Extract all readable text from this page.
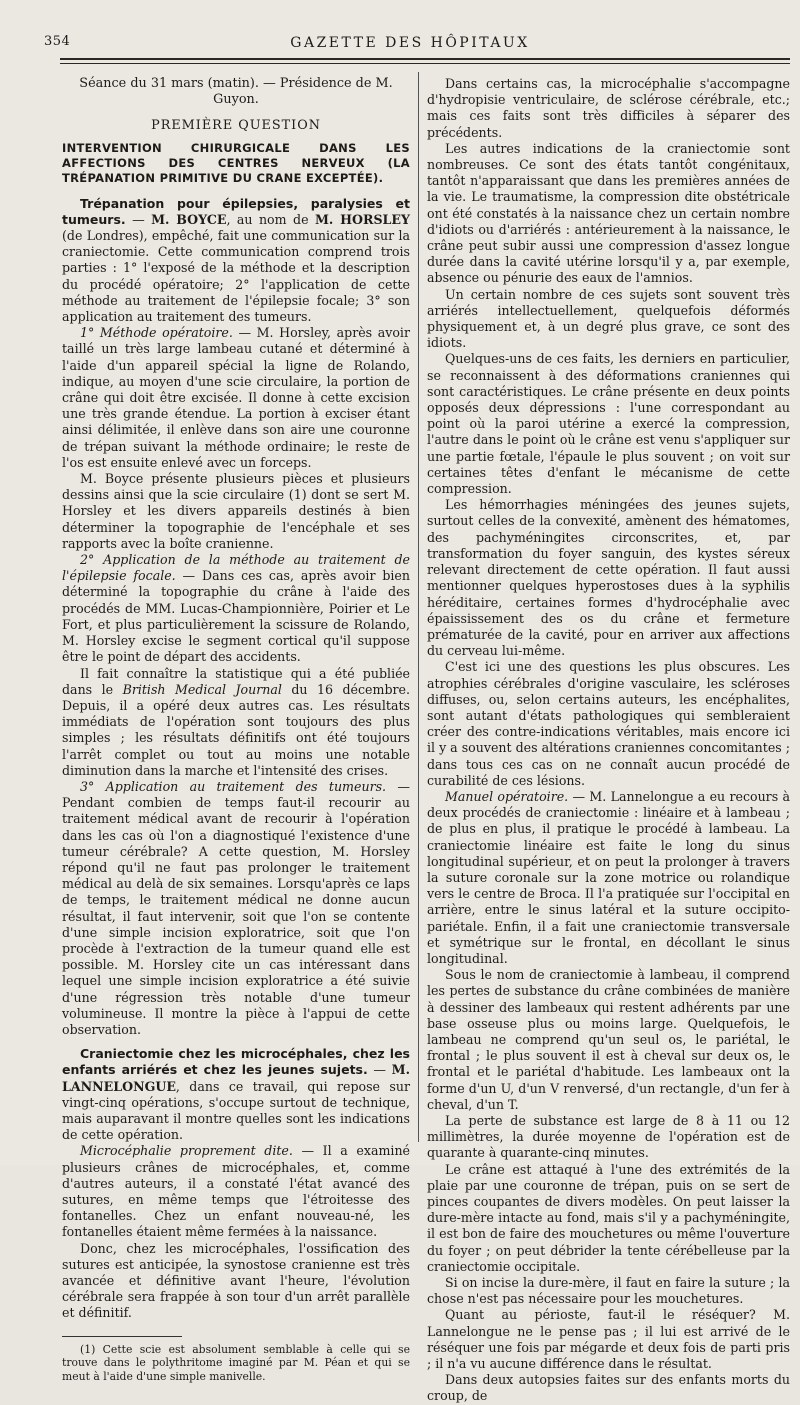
354	GAZETTE DES HÔPITAUX

Séance du 31 mars (matin). — Présidence de M. Guyon.

PREMIÈRE QUESTION

INTERVENTION CHIRURGICALE DANS LES AFFECTIONS DES CENTRES NERVEUX (LA TRÉPANATION PRIMITIVE DU CRANE EXCEPTÉE).

Trépanation pour épilepsies, paralysies et tumeurs. — M. BOYCE, au nom de M. HORSLEY (de Londres), empêché, fait une communication sur la craniectomie. Cette communication comprend trois parties : 1° l'exposé de la méthode et la description du procédé opératoire; 2° l'application de cette méthode au traitement de l'épilepsie focale; 3° son application au traitement des tumeurs.

1° Méthode opératoire. — M. Horsley, après avoir taillé un très large lambeau cutané et déterminé à l'aide d'un appareil spécial la ligne de Rolando, indique, au moyen d'une scie circulaire, la portion de crâne qui doit être excisée. Il donne à cette excision une très grande étendue. La portion à exciser étant ainsi délimitée, il enlève dans son aire une couronne de trépan suivant la méthode ordinaire; le reste de l'os est ensuite enlevé avec un forceps.

M. Boyce présente plusieurs pièces et plusieurs dessins ainsi que la scie circulaire (1) dont se sert M. Horsley et les divers appareils destinés à bien déterminer la topographie de l'encéphale et ses rapports avec la boîte cranienne.

2° Application de la méthode au traitement de l'épilepsie focale. — Dans ces cas, après avoir bien déterminé la topographie du crâne à l'aide des procédés de MM. Lucas-Championnière, Poirier et Le Fort, et plus particulièrement la scissure de Rolando, M. Horsley excise le segment cortical qu'il suppose être le point de départ des accidents.

Il fait connaître la statistique qui a été publiée dans le British Medical Journal du 16 décembre. Depuis, il a opéré deux autres cas. Les résultats immédiats de l'opération sont toujours des plus simples ; les résultats définitifs ont été toujours l'arrêt complet ou tout au moins une notable diminution dans la marche et l'intensité des crises.

3° Application au traitement des tumeurs. — Pendant combien de temps faut-il recourir au traitement médical avant de recourir à l'opération dans les cas où l'on a diagnostiqué l'existence d'une tumeur cérébrale? A cette question, M. Horsley répond qu'il ne faut pas prolonger le traitement médical au delà de six semaines. Lorsqu'après ce laps de temps, le traitement médical ne donne aucun résultat, il faut intervenir, soit que l'on se contente d'une simple incision exploratrice, soit que l'on procède à l'extraction de la tumeur quand elle est possible. M. Horsley cite un cas intéressant dans lequel une simple incision exploratrice a été suivie d'une régression très notable d'une tumeur volumineuse. Il montre la pièce à l'appui de cette observation.

Craniectomie chez les microcéphales, chez les enfants arriérés et chez les jeunes sujets. — M. LANNELONGUE, dans ce travail, qui repose sur vingt-cinq opérations, s'occupe surtout de technique, mais auparavant il montre quelles sont les indications de cette opération.

Microcéphalie proprement dite. — Il a examiné plusieurs crânes de microcéphales, et, comme d'autres auteurs, il a constaté l'état avancé des sutures, en même temps que l'étroitesse des fontanelles. Chez un enfant nouveau-né, les fontanelles étaient même fermées à la naissance.

Donc, chez les microcéphales, l'ossification des sutures est anticipée, la synostose cranienne est très avancée et définitive avant l'heure, l'évolution cérébrale sera frappée à son tour d'un arrêt parallèle et définitif.

(1) Cette scie est absolument semblable à celle qui se trouve dans le polythritome imaginé par M. Péan et qui se meut à l'aide d'une simple manivelle.

Dans certains cas, la microcéphalie s'accompagne d'hydropisie ventriculaire, de sclérose cérébrale, etc.; mais ces faits sont très difficiles à séparer des précédents.

Les autres indications de la craniectomie sont nombreuses. Ce sont des états tantôt congénitaux, tantôt n'apparaissant que dans les premières années de la vie. Le traumatisme, la compression dite obstétricale ont été constatés à la naissance chez un certain nombre d'idiots ou d'arriérés : antérieurement à la naissance, le crâne peut subir aussi une compression d'assez longue durée dans la cavité utérine lorsqu'il y a, par exemple, absence ou pénurie des eaux de l'amnios.

Un certain nombre de ces sujets sont souvent très arriérés intellectuellement, quelquefois déformés physiquement et, à un degré plus grave, ce sont des idiots.

Quelques-uns de ces faits, les derniers en particulier, se reconnaissent à des déformations craniennes qui sont caractéristiques. Le crâne présente en deux points opposés deux dépressions : l'une correspondant au point où la paroi utérine a exercé la compression, l'autre dans le point où le crâne est venu s'appliquer sur une partie fœtale, l'épaule le plus souvent ; on voit sur certaines têtes d'enfant le mécanisme de cette compression.

Les hémorrhagies méningées des jeunes sujets, surtout celles de la convexité, amènent des hématomes, des pachyméningites circonscrites, et, par transformation du foyer sanguin, des kystes séreux relevant directement de cette opération. Il faut aussi mentionner quelques hyperostoses dues à la syphilis héréditaire, certaines formes d'hydrocéphalie avec épaississement des os du crâne et fermeture prématurée de la cavité, pour en arriver aux affections du cerveau lui-même.

C'est ici une des questions les plus obscures. Les atrophies cérébrales d'origine vasculaire, les scléroses diffuses, ou, selon certains auteurs, les encéphalites, sont autant d'états pathologiques qui sembleraient créer des contre-indications véritables, mais encore ici il y a souvent des altérations craniennes concomitantes ; dans tous ces cas on ne connaît aucun procédé de curabilité de ces lésions.

Manuel opératoire. — M. Lannelongue a eu recours à deux procédés de craniectomie : linéaire et à lambeau ; de plus en plus, il pratique le procédé à lambeau. La craniectomie linéaire est faite le long du sinus longitudinal supérieur, et on peut la prolonger à travers la suture coronale sur la zone motrice ou rolandique vers le centre de Broca. Il l'a pratiquée sur l'occipital en arrière, entre le sinus latéral et la suture occipito-pariétale. Enfin, il a fait une craniectomie transversale et symétrique sur le frontal, en décollant le sinus longitudinal.

Sous le nom de craniectomie à lambeau, il comprend les pertes de substance du crâne combinées de manière à dessiner des lambeaux qui restent adhérents par une base osseuse plus ou moins large. Quelquefois, le lambeau ne comprend qu'un seul os, le pariétal, le frontal ; le plus souvent il est à cheval sur deux os, le frontal et le pariétal d'habitude. Les lambeaux ont la forme d'un U, d'un V renversé, d'un rectangle, d'un fer à cheval, d'un T.

La perte de substance est large de 8 à 11 ou 12 millimètres, la durée moyenne de l'opération est de quarante à quarante-cinq minutes.

Le crâne est attaqué à l'une des extrémités de la plaie par une couronne de trépan, puis on se sert de pinces coupantes de divers modèles. On peut laisser la dure-mère intacte au fond, mais s'il y a pachyméningite, il est bon de faire des mouchetures ou même l'ouverture du foyer ; on peut débrider la tente cérébelleuse par la craniectomie occipitale.

Si on incise la dure-mère, il faut en faire la suture ; la chose n'est pas nécessaire pour les mouchetures.

Quant au périoste, faut-il le réséquer? M. Lannelongue ne le pense pas ; il lui est arrivé de le réséquer une fois par mégarde et deux fois de parti pris ; il n'a vu aucune différence dans le résultat.

Dans deux autopsies faites sur des enfants morts du croup, de
